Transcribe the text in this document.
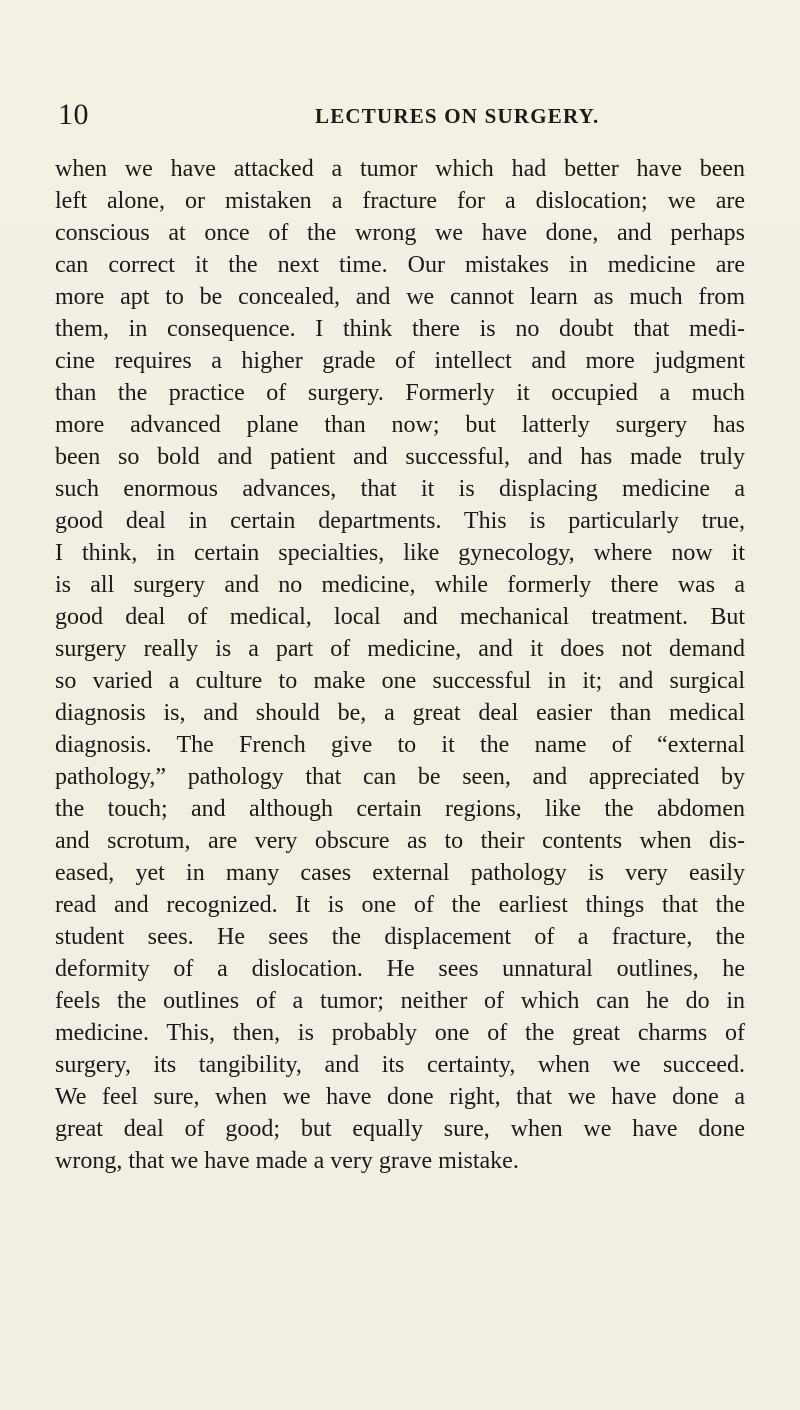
10	LECTURES ON SURGERY.
when we have attacked a tumor which had better have been
left alone, or mistaken a fracture for a dislocation; we are
conscious at once of the wrong we have done, and perhaps
can correct it the next time. Our mistakes in medicine are
more apt to be concealed, and we cannot learn as much from
them, in consequence. I think there is no doubt that medi-
cine requires a higher grade of intellect and more judgment
than the practice of surgery. Formerly it occupied a much
more advanced plane than now; but latterly surgery has
been so bold and patient and successful, and has made truly
such enormous advances, that it is displacing medicine a
good deal in certain departments. This is particularly true,
I think, in certain specialties, like gynecology, where now it
is all surgery and no medicine, while formerly there was a
good deal of medical, local and mechanical treatment. But
surgery really is a part of medicine, and it does not demand
so varied a culture to make one successful in it; and surgical
diagnosis is, and should be, a great deal easier than medical
diagnosis. The French give to it the name of “external
pathology,” pathology that can be seen, and appreciated by
the touch; and although certain regions, like the abdomen
and scrotum, are very obscure as to their contents when dis-
eased, yet in many cases external pathology is very easily
read and recognized. It is one of the earliest things that the
student sees. He sees the displacement of a fracture, the
deformity of a dislocation. He sees unnatural outlines, he
feels the outlines of a tumor; neither of which can he do in
medicine. This, then, is probably one of the great charms of
surgery, its tangibility, and its certainty, when we succeed.
We feel sure, when we have done right, that we have done a
great deal of good; but equally sure, when we have done
wrong, that we have made a very grave mistake.
